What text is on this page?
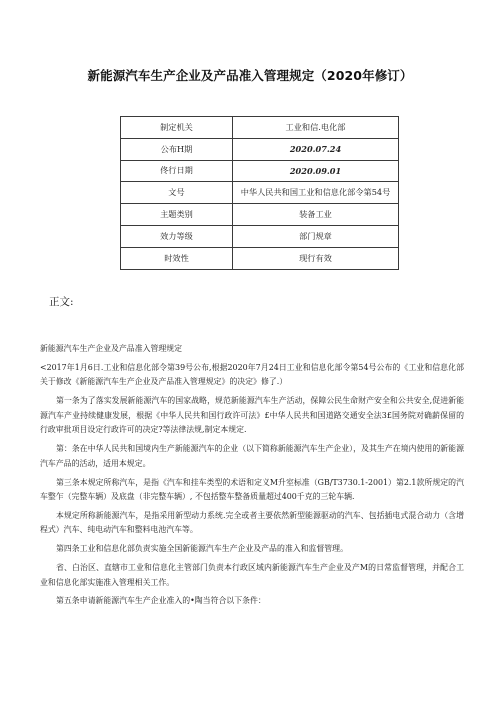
新能源汽车生产企业及产品准入管理规定（2020年修订）
制定机关	工业和信.电化部
公布H期	2020.07.24
佟行日期	2020.09.01
文号	中华人民共和国工业和信息化部令第54号
主题类别	装备工业
效力等级	部门规章
时效性	现行有效
正文:

新能源汽车生产企业及产品准入管理规定

<2017年1月6日.工业和信息化部令第39号公布,根据2020年7月24日工业和信息化部令第54号公布的《工业和信息化部关于修改《新能源汽车生产企业及产品准入管理规定》的决定》修了.）

第一条为了落实发展新能源汽车的国家战略，规范新能源汽车生产活动，保障公民生命财产安全和公共安全,促进新能源汽车产业持续健康发展，根据《中华人民共和国行政许可法》£中华人民共和国道路交通安全法3£国务院对确薪保留的行政审批项目设定行政许可的决定?等法律法规,制定本规定.

第：条在中华人民共和国境内生产新能源汽车的企业（以下简称新能源汽车生产企业），及其生产在境内使用的新能源汽车产品的活动，适用本规定。

第三条本规定所称汽车，是指《汽车和挂车类型的术语和定义M升室标准（GB/T3730.1-2001）第2.1款所规定的汽车整乍（完整车辆）及底盘（非完整车辆）, 不包括整车整备质量超过400千克的三轮车辆.

本规定所称新能源汽车，是指采用新型动力系统.完全或者主要依然新型能源驱动的汽车、包括插电式混合动力（含增程式）汽车、纯电动汽车和整料电池汽车等。

第四条工业和信息化部负责实施全国新能源汽车生产企业及产品的准入和监督管理。

省、白治区、直辖市工业和信息化主管部门负责本行政区域内新能源汽车生产企业及产M的日常监督管理，并配合工业和信息化部实施准入管理相关工作。

第五条申请新能源汽车生产企业准入的•陶当符合以下条件：
